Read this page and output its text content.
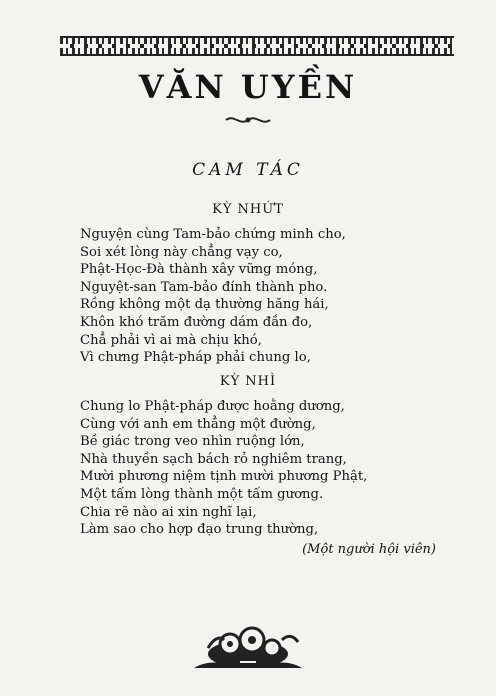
VĂN UYỀN
CAM TÁC
KỲ NHỨT
Nguyện cùng Tam-bảo chứng minh cho,
Soi xét lòng này chẳng vạy co,
Phật-Học-Đà thành xây vững móng,
Nguyệt-san Tam-bảo đính thành pho.
Rồng không một dạ thường hăng hái,
Khôn khó trăm đường dám đắn đo,
Chẳ phải vì ai mà chịu khó,
Vì chưng Phật-pháp phải chung lo,
KỲ NHÌ
Chung lo Phật-pháp được hoằng dương,
Cùng với anh em thẳng một đường,
Bề giác trong veo nhìn ruộng lớn,
Nhà thuyền sạch bách rỏ nghiêm trang,
Mười phương niệm tịnh mười phương Phật,
Một tấm lòng thành một tấm gương.
Chia rẽ nào ai xin nghĩ lại,
Làm sao cho hợp đạo trung thường,
(Một người hội viên)
